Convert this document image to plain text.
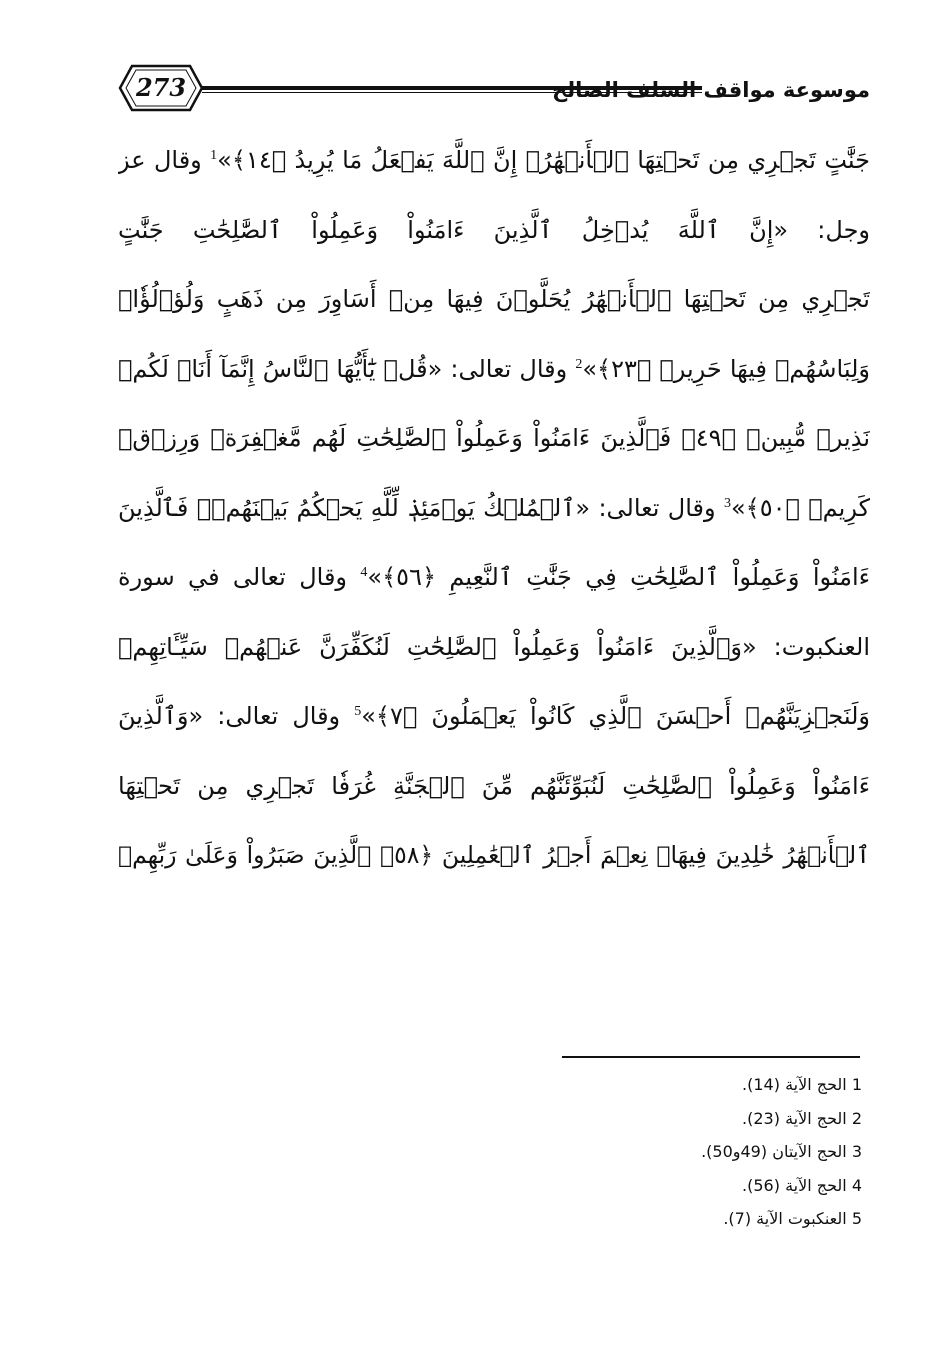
273	موسوعة مواقف السلف الصالح
جَنَّٰتٍ تَجۡرِي مِن تَحۡتِهَا ٱلۡأَنۡهَٰرُۚ إِنَّ ٱللَّهَ يَفۡعَلُ مَا يُرِيدُ ﴿١٤﴾»$^1$ وقال عز
وجل: «إِنَّ ٱللَّهَ يُدۡخِلُ ٱلَّذِينَ ءَامَنُواْ وَعَمِلُواْ ٱلصَّٰلِحَٰتِ جَنَّٰتٍ
تَجۡرِي مِن تَحۡتِهَا ٱلۡأَنۡهَٰرُ يُحَلَّوۡنَ فِيهَا مِنۡ أَسَاوِرَ مِن ذَهَبٍ وَلُؤۡلُؤٗاۖ
وَلِبَاسُهُمۡ فِيهَا حَرِيرٞ ﴿٢٣﴾»$^2$ وقال تعالى: «قُلۡ يَٰٓأَيُّهَا ٱلنَّاسُ إِنَّمَآ أَنَا۠ لَكُمۡ
نَذِيرٞ مُّبِينٞ ﴿٤٩﴾ فَٱلَّذِينَ ءَامَنُواْ وَعَمِلُواْ ٱلصَّٰلِحَٰتِ لَهُم مَّغۡفِرَةٞ وَرِزۡقٞ
كَرِيمٞ ﴿٥٠﴾»$^3$ وقال تعالى: «ٱلۡمُلۡكُ يَوۡمَئِذٖ لِّلَّهِ يَحۡكُمُ بَيۡنَهُمۡۚ فَٱلَّذِينَ
ءَامَنُواْ وَعَمِلُواْ ٱلصَّٰلِحَٰتِ فِي جَنَّٰتِ ٱلنَّعِيمِ ﴿٥٦﴾»$^4$ وقال تعالى في سورة
العنكبوت: «وَٱلَّذِينَ ءَامَنُواْ وَعَمِلُواْ ٱلصَّٰلِحَٰتِ لَنُكَفِّرَنَّ عَنۡهُمۡ سَيِّـَٔاتِهِمۡ
وَلَنَجۡزِيَنَّهُمۡ أَحۡسَنَ ٱلَّذِي كَانُواْ يَعۡمَلُونَ ﴿٧﴾»$^5$ وقال تعالى: «وَٱلَّذِينَ
ءَامَنُواْ وَعَمِلُواْ ٱلصَّٰلِحَٰتِ لَنُبَوِّئَنَّهُم مِّنَ ٱلۡجَنَّةِ غُرَفٗا تَجۡرِي مِن تَحۡتِهَا
ٱلۡأَنۡهَٰرُ خَٰلِدِينَ فِيهَاۚ نِعۡمَ أَجۡرُ ٱلۡعَٰمِلِينَ ﴿٥٨﴾ ٱلَّذِينَ صَبَرُواْ وَعَلَىٰ رَبِّهِمۡ
1 الحج الآية (14).
2 الحج الآية (23).
3 الحج الآيتان (49و50).
4 الحج الآية (56).
5 العنكبوت الآية (7).
